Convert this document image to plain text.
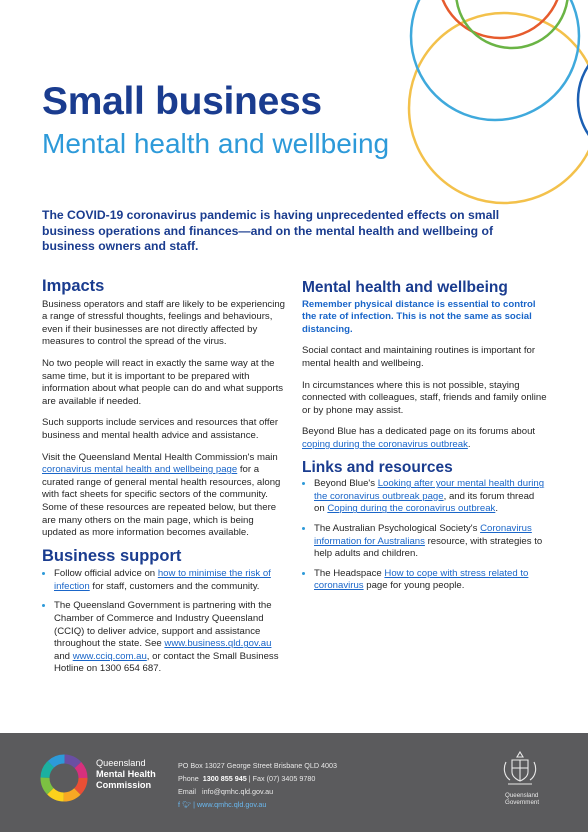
Small business
Mental health and wellbeing

The COVID-19 coronavirus pandemic is having unprecedented effects on small business operations and finances—and on the mental health and wellbeing of business owners and staff.

Impacts

Business operators and staff are likely to be experiencing a range of stressful thoughts, feelings and behaviours, even if their businesses are not directly affected by measures to control the spread of the virus.

No two people will react in exactly the same way at the same time, but it is important to be prepared with information about what people can do and what supports are available if needed.

Such supports include services and resources that offer business and mental health advice and assistance.

Visit the Queensland Mental Health Commission's main coronavirus mental health and wellbeing page for a curated range of general mental health resources, along with fact sheets for specific sectors of the community. Some of these resources are repeated below, but there are many others on the main page, which is being updated as more information becomes available.

Business support
• Follow official advice on how to minimise the risk of infection for staff, customers and the community.
• The Queensland Government is partnering with the Chamber of Commerce and Industry Queensland (CCIQ) to deliver advice, support and assistance throughout the state. See www.business.qld.gov.au and www.cciq.com.au, or contact the Small Business Hotline on 1300 654 687.
Mental health and wellbeing

Remember physical distance is essential to control the rate of infection. This is not the same as social distancing.

Social contact and maintaining routines is important for mental health and wellbeing.

In circumstances where this is not possible, staying connected with colleagues, staff, friends and family online or by phone may assist.

Beyond Blue has a dedicated page on its forums about coping during the coronavirus outbreak.

Links and resources
• Beyond Blue's Looking after your mental health during the coronavirus outbreak page, and its forum thread on Coping during the coronavirus outbreak.
• The Australian Psychological Society's Coronavirus information for Australians resource, with strategies to help adults and children.
• The Headspace How to cope with stress related to coronavirus page for young people.
Queensland
Mental Health
Commission
PO Box 13027 George Street Brisbane QLD 4003
Phone 1300 855 945 | Fax (07) 3405 9780
Email info@qmhc.qld.gov.au
f 🐦︎ | www.qmhc.qld.gov.au
Queensland
Government
